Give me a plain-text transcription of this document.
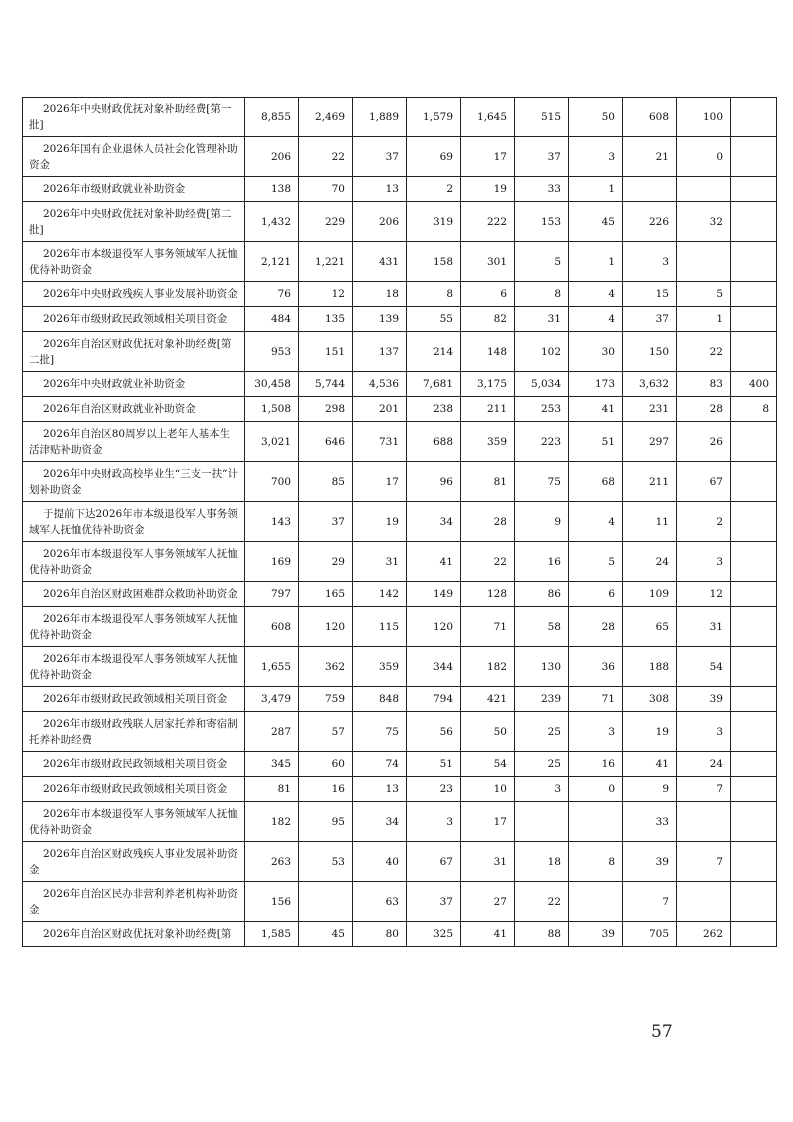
2026年中央财政优抚对象补助经费[第一批]	8,855	2,469	1,889	1,579	1,645	515	50	608	100	
2026年国有企业退休人员社会化管理补助资金	206	22	37	69	17	37	3	21	0	
2026年市级财政就业补助资金	138	70	13	2	19	33	1			
2026年中央财政优抚对象补助经费[第二批]	1,432	229	206	319	222	153	45	226	32	
2026年市本级退役军人事务领域军人抚恤优待补助资金	2,121	1,221	431	158	301	5	1	3		
2026年中央财政残疾人事业发展补助资金	76	12	18	8	6	8	4	15	5	
2026年市级财政民政领域相关项目资金	484	135	139	55	82	31	4	37	1	
2026年自治区财政优抚对象补助经费[第二批]	953	151	137	214	148	102	30	150	22	
2026年中央财政就业补助资金	30,458	5,744	4,536	7,681	3,175	5,034	173	3,632	83	400
2026年自治区财政就业补助资金	1,508	298	201	238	211	253	41	231	28	8
2026年自治区80周岁以上老年人基本生活津贴补助资金	3,021	646	731	688	359	223	51	297	26	
2026年中央财政高校毕业生“三支一扶”计划补助资金	700	85	17	96	81	75	68	211	67	
于提前下达2026年市本级退役军人事务领域军人抚恤优待补助资金	143	37	19	34	28	9	4	11	2	
2026年市本级退役军人事务领域军人抚恤优待补助资金	169	29	31	41	22	16	5	24	3	
2026年自治区财政困难群众救助补助资金	797	165	142	149	128	86	6	109	12	
2026年市本级退役军人事务领域军人抚恤优待补助资金	608	120	115	120	71	58	28	65	31	
2026年市本级退役军人事务领域军人抚恤优待补助资金	1,655	362	359	344	182	130	36	188	54	
2026年市级财政民政领域相关项目资金	3,479	759	848	794	421	239	71	308	39	
2026年市级财政残联人居家托养和寄宿制托养补助经费	287	57	75	56	50	25	3	19	3	
2026年市级财政民政领域相关项目资金	345	60	74	51	54	25	16	41	24	
2026年市级财政民政领域相关项目资金	81	16	13	23	10	3	0	9	7	
2026年市本级退役军人事务领域军人抚恤优待补助资金	182	95	34	3	17			33		
2026年自治区财政残疾人事业发展补助资金	263	53	40	67	31	18	8	39	7	
2026年自治区民办非营利养老机构补助资金	156		63	37	27	22		7		
2026年自治区财政优抚对象补助经费[第	1,585	45	80	325	41	88	39	705	262	
57
